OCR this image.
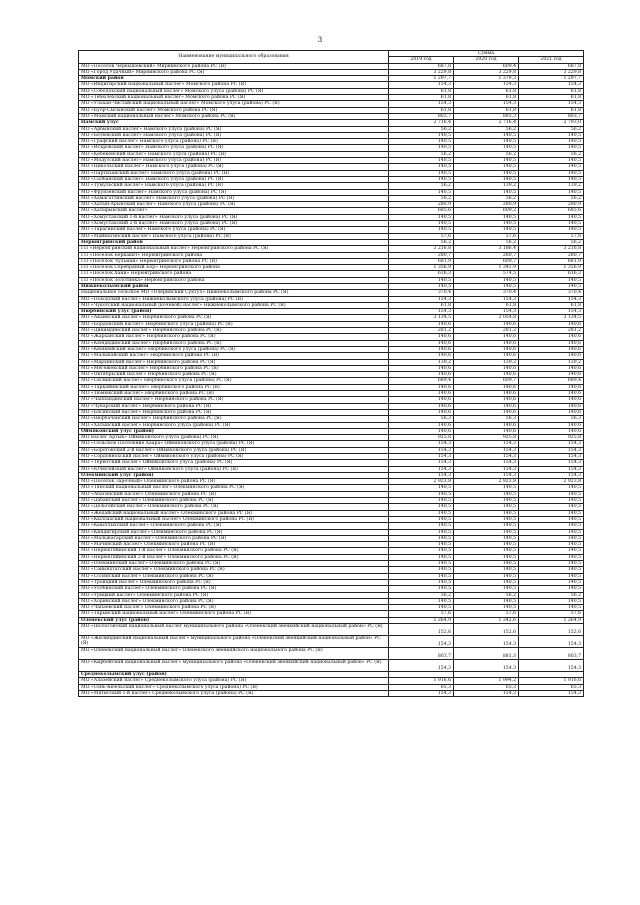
3
Наименование муниципального образования	Сумма		
	2019 год	2020 год	2021 год
МО «Поселок Черкышевский» Мирнинского района РС (Я)	687,8	609,4	687,8
МО «Город Удачный» Мирнинского района РС (Я)	3 229,8	3 229,8	3 229,8
Момский район	1 297,7	1 379,3	1 297,7
МО «Индигирский национальный наслег» Момского района РС (Я)	154,3	154,3	154,3
МО «Соболохский национальный наслег» Момского улуса (района) РС (Я)	61,8	61,8	61,8
МО «Тебюлехский национальный наслег» Момского района РС (Я)	61,8	61,8	61,8
МО «Улахан-Чистайский национальный наслег» Момского улуса (района) РС (Я)	154,3	154,3	154,3
МО «Буор-Сысынский наслег» Момского района РС (Я)	61,8	61,8	61,8
МО «Момский национальный наслег» Момского района РС (Я)	803,7	885,3	803,7
Намский улус	2 716,4	2 716,4	2 793,0
МО «Арбынский наслег» Намского улуса (района) РС (Я)	56,2	56,2	56,2
МО «Бетюнский наслег» Намского улуса (района) РС (Я)	140,5	140,5	140,5
МО «Графский наслег» Намского улуса (района) РС (Я)	140,5	140,5	140,5
МО «Искровский наслег» Намского улуса (района) РС (Я)	140,5	140,5	140,5
МО «Кебекенский наслег» Намского улуса (района) РС (Я)	56,2	56,2	56,2
МО «Модутский наслег» Намского улуса (района) РС (Я)	140,5	140,5	140,5
МО «Никольский наслег» Намского улуса (района) РС (Я)	140,5	140,5	140,5
МО «Партизанский наслег» Намского улуса (района) РС (Я)	140,5	140,5	140,5
МО «Салбанский наслег» Намского улуса (района) РС (Я)	140,5	140,5	140,5
МО «Тумульский наслег» Намского улуса (района) РС (Я)	56,2	139,2	139,2
МО «Фрунзенский наслег» Намского улуса (района) РС (Я)	140,5	140,5	140,5
МО «Хамагаттинский наслег» Намского улуса (района) РС (Я)	56,2	56,2	56,2
МО «Хатын-Арынский наслег» Намского улуса (района) РС (Я)	280,9	280,9	280,9
МО «Хатырыкский наслег»	685,6	609,2	685,6
МО «Хомустахский 1-й наслег» Намского улуса (района) РС (Я)	140,5	140,5	140,5
МО «Хомустахский 2-й наслег» Намского улуса (района) РС (Я)	140,5	140,5	140,5
МО «Тарагинский наслег» Намского улуса (района) РС (Я)	140,5	140,5	140,5
МО «Маймагинский наслег» Намского улуса (района) РС (Я)	57,6	57,6	57,6
Нерюнгринский район	56,2	56,2	56,2
ГП «Нерюнгринский национальный наслег» Нерюнгринского района РС (Я)	3 216,8	3 186,4	3 216,8
ГП «Поселок Беркакит» Нерюнгринского района	280,7	280,7	280,7
ГП «Поселок Чульман» Нерюнгринского района РС (Я)	681,9	609,7	681,9
ГП «Поселок Серебряный Бор» Нерюнгринского района	1 356,9	1 341,9	1 356,9
ГП «Поселок Хани» Нерюнгринского района	616,3	574,5	616,3
ГП «Поселок Золотинка» Нерюнгринского района	140,5	140,5	140,5
Нижнеколымский район	140,5	140,5	140,5
Национальное сельское МО «Олеринский Суктул» Нижнеколымского района РС (Я)	370,4	370,4	370,4
МО «Походский наслег» Нижнеколымского улуса (района) РС (Я)	154,3	154,3	154,3
МО «Чукотский национальный (кочевой) наслег» Нижнеколымского района РС (Я)	61,8	61,8	61,8
Нюрбинский улус (район)	154,3	154,3	154,3
МО «Акаинский наслег» Нюрбинского района РС (Я)	3 134,5	3 054,8	3 134,5
МО «Бордонский наслег» Нюрбинского улуса (района) РС (Я)	140,6	140,6	140,6
МО «Дикимдинский наслег» Нюрбинского района РС (Я)	281,2	281,2	281,2
МО «Жарханский наслег» Нюрбинского района РС (Я)	140,6	140,6	140,6
МО «Кюндядинский наслег» Нюрбинского района РС (Я)	140,6	140,6	140,6
МО «Кюнкюйский наслег» Нюрбинского улуса (района) РС (Я)	140,6	140,6	140,6
МО «Малыкайский наслег» Нюрбинского района РС (Я)	140,6	140,6	140,6
МО «Мархинский наслег» Нюрбинского района РС (Я)	139,2	139,2	139,2
МО «Мегежекский наслег» Нюрбинского района РС (Я)	140,6	140,6	140,6
МО «Октябрьский наслег» Нюрбинского района РС (Я)	140,6	140,6	140,6
МО «Сюлинский наслег» Нюрбинского улуса (района) РС (Я)	689,4	609,7	689,4
МО «Таркайинский наслег» Нюрбинского района РС (Я)	140,6	140,6	140,6
МО «Тюмюкский наслег» Нюрбинского района РС (Я)	140,6	140,6	140,6
МО «Чаппандинский наслег» Нюрбинского района РС (Я)	140,6	140,6	140,6
МО «Чукарский наслег» Нюрбинского района РС (Я)	140,6	140,6	140,6
МО «Бясинский наслег» Нюрбинского района РС (Я)	140,6	140,6	140,6
МО «Нюрбачанский наслег» Нюрбинского района РС (Я)	56,3	56,3	56,3
МО «Хатынский наслег» Нюрбинского улуса (района) РС (Я)	140,6	140,6	140,6
Оймяконский улус (район)	140,6	140,6	140,6
МО наслег Артык» Оймяконского улуса (района) РС (Я)	925,8	925,8	925,8
МО «Сельское Поселение Хаара» Оймяконского улуса (района) РС (Я)	154,3	154,3	154,3
МО «Борогонский 2-й наслег» Оймяконского улуса (района) РС (Я)	154,3	154,3	154,3
МО «Сордоннохский наслег» Оймяконского улуса (района) РС (Я)	154,3	154,3	154,3
МО «Терютский наслег» Оймяконского улуса (района) РС (Я)	154,3	154,3	154,3
МО «Ючюгейский наслег» Оймяконского улуса (района) РС (Я)	154,3	154,3	154,3
Олекминский улус (район)	154,3	154,3	154,3
МО «Поселок Заречный» Олекминского района РС (Я)	2 923,8	2 923,8	2 923,8
МО «Тянский национальный наслег» Олекминского района РС (Я)	140,5	140,5	140,5
МО «Абагинский наслег» Олекминского района РС (Я)	140,5	140,5	140,5
МО «Дабанский наслег» Олекминского района РС (Я)	140,5	140,5	140,5
МО «Дельгейский наслег» Олекминского района РС (Я)	140,5	140,5	140,5
МО «Жедайский национальный наслег» Олекминского района РС (Я)	140,5	140,5	140,5
МО «Кыллахский национальный наслег» Олекминского района РС (Я)	140,5	140,5	140,5
МО «Кыыллыхский наслег» Олекминского района РС (Я)	140,5	140,5	140,5
МО «Киндигирский наслег» Олекминского района РС (Я)	140,5	140,5	140,5
МО «Мальжагарский наслег» Олекминского района РС (Я)	140,5	140,5	140,5
МО «Мачинский наслег» Олекминского района РС (Я)	140,5	140,5	140,5
МО «Нерюктяйинский 1-й наслег» Олекминского района РС (Я)	140,5	140,5	140,5
МО «Нерюктяйинский 2-й наслег» Олекминского района РС (Я)	140,5	140,5	140,5
МО «Олекминский наслег» Олекминского района РС (Я)	140,5	140,5	140,5
МО «Саныяхтатский наслег» Олекминского района РС (Я)	140,5	140,5	140,5
МО «Солянский наслег» Олекминского района РС (Я)	140,5	140,5	140,5
МО «Троицкий наслег» Олекминского района РС (Я)	140,5	140,5	140,5
МО «Уолбинский наслег» Олекминского района РС (Я)	140,5	140,5	140,5
МО «Урицкий наслег» Олекминского района РС (Я)	56,2	56,2	56,2
МО «Хоринский наслег» Олекминского района РС (Я)	140,5	140,5	140,5
МО «Чапаевский наслег» Олекминского района РС (Я)	140,5	140,5	140,5
МО «Тарынский национальный наслег» Олекминского района РС (Я)	57,6	57,6	57,6
Оленекский улус (район)	1 264,9	1 342,6	1 264,9
МО «Шологонский национальный наслег муниципального района «Оленекский эвенкийский национальный район» РС (Я)	152,6	152,6	152,6
МО «Жилиндинский национальный наслег» муниципального района «Оленекский эвенкийский национальный район» РС (Я)	154,3	154,3	154,3
МО «Оленекский национальный наслег» Оленекского эвенкийского национального района РС (Я)	803,7	881,3	803,7
МО «Кирбейский национальный наслег» муниципального района «Оленекский эвенкийский национальный район» РС (Я)	154,3	154,3	154,3
Среднеколымский улус (район)			
МО «Алазейский наслег» Среднеколымского улуса (района) РС (Я)	1 916,6	1 994,2	1 916,6
МО «Сень-Кюельский наслег» Среднеколымского улуса (района) РС (Я)	65,3	65,3	65,3
МО «Мятисский 1-й наслег» Среднеколымского улуса (района) РС (Я)	154,3	154,3	154,3
